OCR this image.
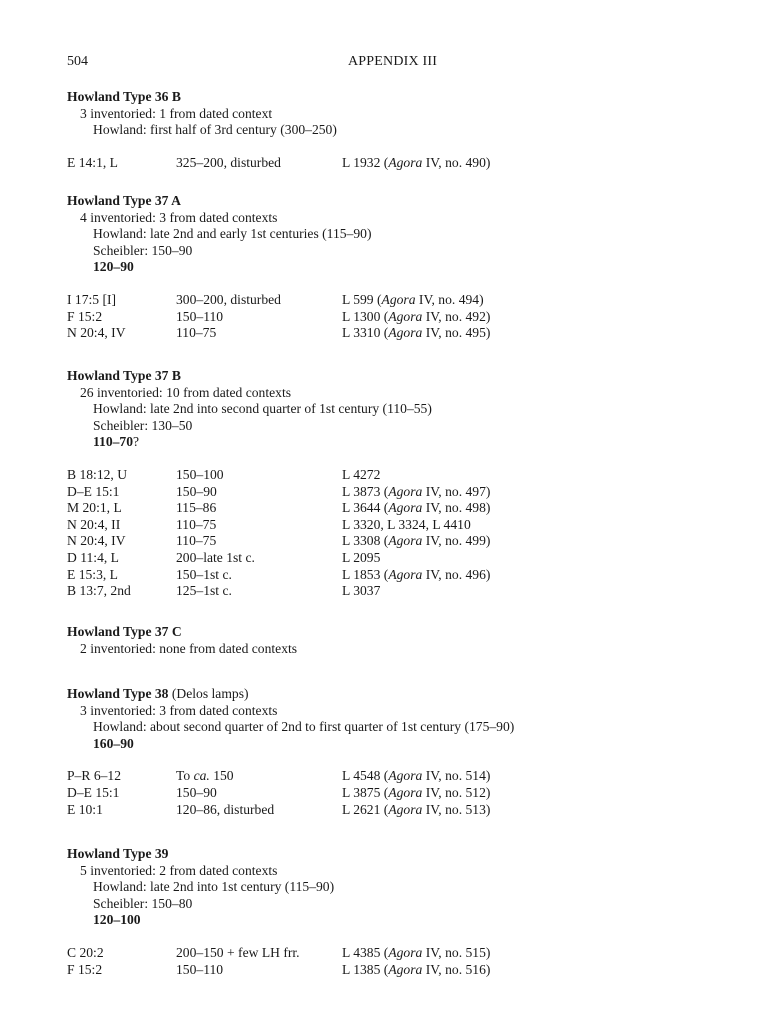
504	APPENDIX III
Howland Type 36 B
3 inventoried: 1 from dated context
Howland: first half of 3rd century (300–250)
E 14:1, L	325–200, disturbed	L 1932 (Agora IV, no. 490)
Howland Type 37 A
4 inventoried: 3 from dated contexts
Howland: late 2nd and early 1st centuries (115–90)
Scheibler: 150–90
120–90
I 17:5 [I]	300–200, disturbed	L 599 (Agora IV, no. 494)
F 15:2	150–110	L 1300 (Agora IV, no. 492)
N 20:4, IV	110–75	L 3310 (Agora IV, no. 495)
Howland Type 37 B
26 inventoried: 10 from dated contexts
Howland: late 2nd into second quarter of 1st century (110–55)
Scheibler: 130–50
110–70?
B 18:12, U	150–100	L 4272
D–E 15:1	150–90	L 3873 (Agora IV, no. 497)
M 20:1, L	115–86	L 3644 (Agora IV, no. 498)
N 20:4, II	110–75	L 3320, L 3324, L 4410
N 20:4, IV	110–75	L 3308 (Agora IV, no. 499)
D 11:4, L	200–late 1st c.	L 2095
E 15:3, L	150–1st c.	L 1853 (Agora IV, no. 496)
B 13:7, 2nd	125–1st c.	L 3037
Howland Type 37 C
2 inventoried: none from dated contexts
Howland Type 38 (Delos lamps)
3 inventoried: 3 from dated contexts
Howland: about second quarter of 2nd to first quarter of 1st century (175–90)
160–90
P–R 6–12	To ca. 150	L 4548 (Agora IV, no. 514)
D–E 15:1	150–90	L 3875 (Agora IV, no. 512)
E 10:1	120–86, disturbed	L 2621 (Agora IV, no. 513)
Howland Type 39
5 inventoried: 2 from dated contexts
Howland: late 2nd into 1st century (115–90)
Scheibler: 150–80
120–100
C 20:2	200–150 + few LH frr.	L 4385 (Agora IV, no. 515)
F 15:2	150–110	L 1385 (Agora IV, no. 516)
